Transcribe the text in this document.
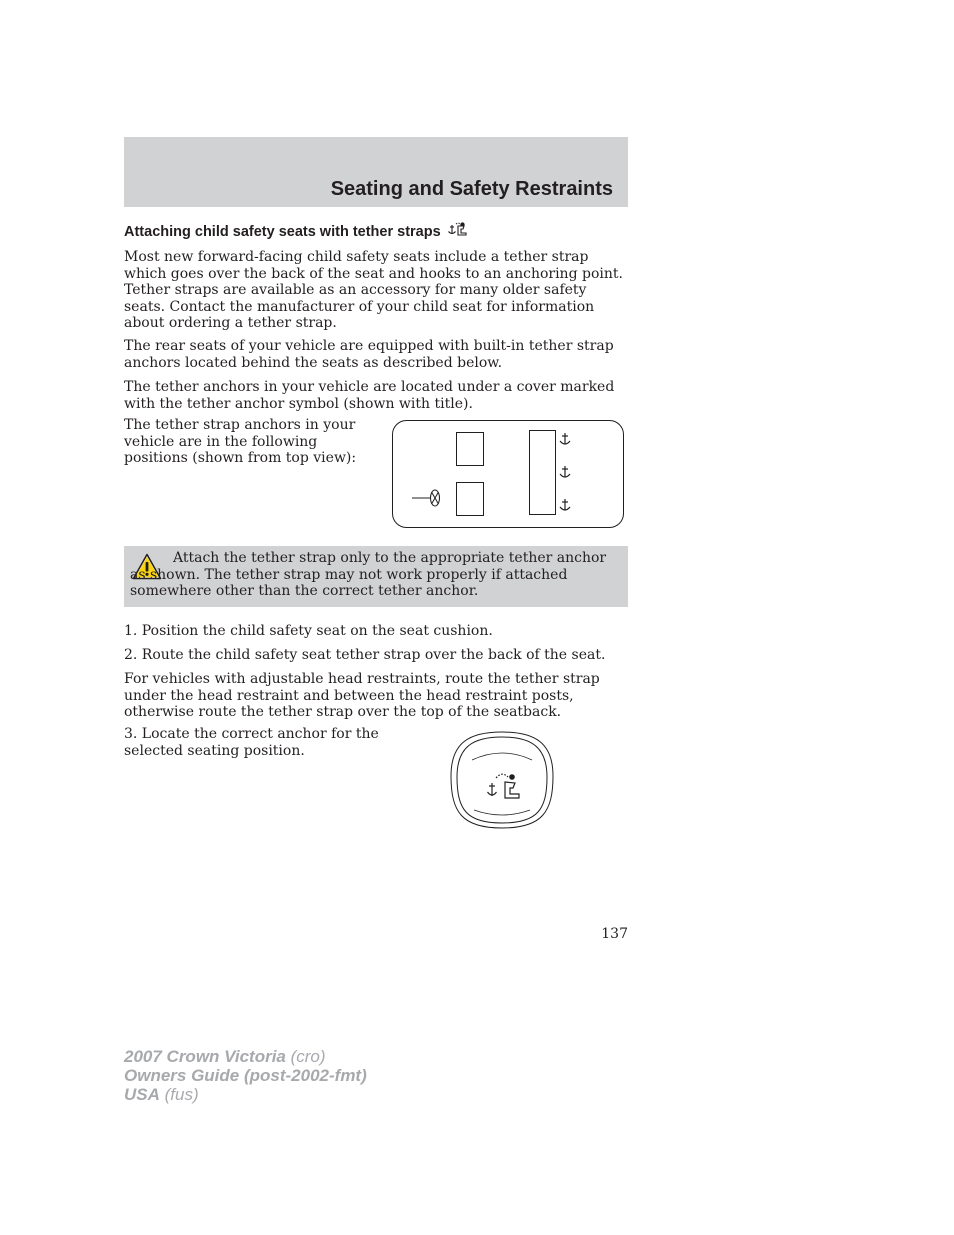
Seating and Safety Restraints
Attaching child safety seats with tether straps

Most new forward-facing child safety seats include a tether strap which goes over the back of the seat and hooks to an anchoring point. Tether straps are available as an accessory for many older safety seats. Contact the manufacturer of your child seat for information about ordering a tether strap.

The rear seats of your vehicle are equipped with built-in tether strap anchors located behind the seats as described below.

The tether anchors in your vehicle are located under a cover marked with the tether anchor symbol (shown with title).

The tether strap anchors in your vehicle are in the following positions (shown from top view):

Attach the tether strap only to the appropriate tether anchor as shown. The tether strap may not work properly if attached somewhere other than the correct tether anchor.

1. Position the child safety seat on the seat cushion.

2. Route the child safety seat tether strap over the back of the seat.

For vehicles with adjustable head restraints, route the tether strap under the head restraint and between the head restraint posts, otherwise route the tether strap over the top of the seatback.

3. Locate the correct anchor for the selected seating position.

137
2007 Crown Victoria (cro)
Owners Guide (post-2002-fmt)
USA (fus)
